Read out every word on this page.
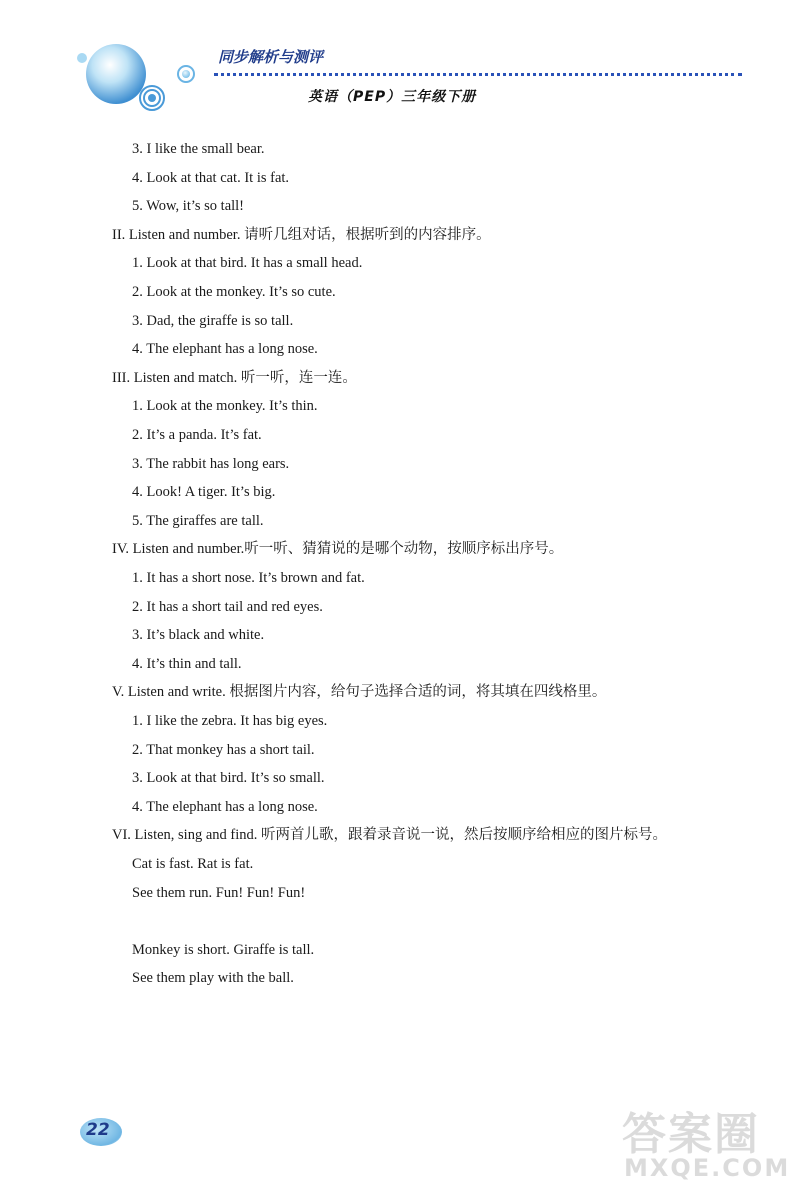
同步解析与测评
英语（PEP）三年级下册
3. I like the small bear.
4. Look at that cat. It is fat.
5. Wow, it’s so tall!
II. Listen and number. 请听几组对话，根据听到的内容排序。
1. Look at that bird. It has a small head.
2. Look at the monkey. It’s so cute.
3. Dad, the giraffe is so tall.
4. The elephant has a long nose.
III. Listen and match. 听一听，连一连。
1. Look at the monkey. It’s thin.
2. It’s a panda. It’s fat.
3. The rabbit has long ears.
4. Look! A tiger. It’s big.
5. The giraffes are tall.
IV. Listen and number.听一听、猜猜说的是哪个动物，按顺序标出序号。
1. It has a short nose. It’s brown and fat.
2. It has a short tail and red eyes.
3. It’s black and white.
4. It’s thin and tall.
V. Listen and write. 根据图片内容，给句子选择合适的词，将其填在四线格里。
1. I like the zebra. It has big eyes.
2. That monkey has a short tail.
3. Look at that bird. It’s so small.
4. The elephant has a long nose.
VI. Listen, sing and find. 听两首儿歌，跟着录音说一说，然后按顺序给相应的图片标号。
Cat is fast. Rat is fat.
See them run. Fun! Fun! Fun!
Monkey is short. Giraffe is tall.
See them play with the ball.
22	答案圈
MXQE.COM
